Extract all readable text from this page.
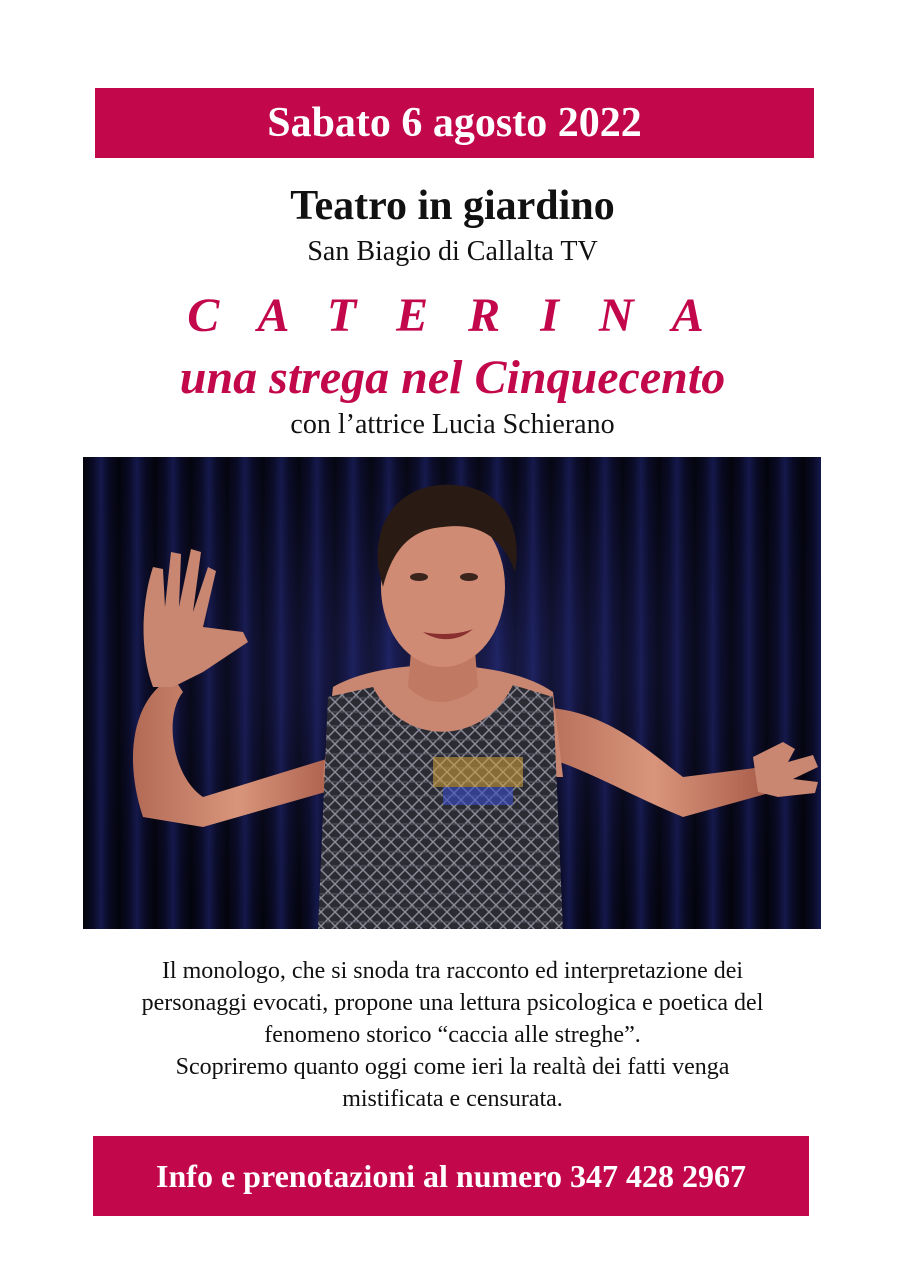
Sabato 6 agosto 2022
Teatro in giardino
San Biagio di Callalta TV
C A T E R I N A
una strega nel Cinquecento
con l’attrice Lucia Schierano
Il monologo, che si snoda tra racconto ed interpretazione dei
personaggi evocati, propone una lettura psicologica e poetica del
fenomeno storico “caccia alle streghe”.
Scopriremo quanto oggi come ieri la realtà dei fatti venga
mistificata e censurata.
Info e prenotazioni al numero 347 428 2967
